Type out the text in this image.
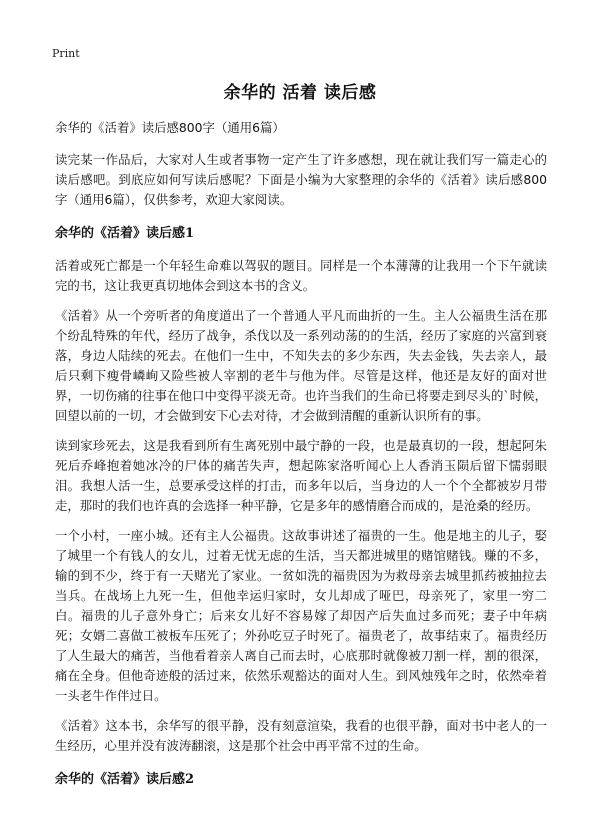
Print
余华的 活着 读后感

余华的《活着》读后感800字（通用6篇）

读完某一作品后，大家对人生或者事物一定产生了许多感想，现在就让我们写一篇走心的读后感吧。到底应如何写读后感呢？下面是小编为大家整理的余华的《活着》读后感800字（通用6篇），仅供参考，欢迎大家阅读。

余华的《活着》读后感1

活着或死亡都是一个年轻生命难以驾驭的题目。同样是一个本薄薄的让我用一个下午就读完的书，这让我更真切地体会到这本书的含义。

《活着》从一个旁听者的角度道出了一个普通人平凡而曲折的一生。主人公福贵生活在那个纷乱特殊的年代，经历了战争，杀伐以及一系列动荡的的生活，经历了家庭的兴富到衰落，身边人陆续的死去。在他们一生中，不知失去的多少东西，失去金钱，失去亲人，最后只剩下瘦骨嶙峋又险些被人宰割的老牛与他为伴。尽管是这样，他还是友好的面对世界，一切伤痛的往事在他口中变得平淡无奇。也许当我们的生命已将要走到尽头的`时候，回望以前的一切，才会做到安下心去对待，才会做到清醒的重新认识所有的事。

读到家珍死去，这是我看到所有生离死别中最宁静的一段，也是最真切的一段，想起阿朱死后乔峰抱着她冰冷的尸体的痛苦失声，想起陈家洛听闻心上人香消玉陨后留下懦弱眼泪。我想人活一生，总要承受这样的打击，而多年以后，当身边的人一个个全都被岁月带走，那时的我们也许真的会选择一种平静，它是多年的感情磨合而成的，是沧桑的经历。

一个小村，一座小城。还有主人公福贵。这故事讲述了福贵的一生。他是地主的儿子，娶了城里一个有钱人的女儿，过着无忧无虑的生活，当天都进城里的赌馆赌钱。赚的不多，输的到不少，终于有一天赌光了家业。一贫如洗的福贵因为为救母亲去城里抓药被抽拉去当兵。在战场上九死一生，但他幸运归家时，女儿却成了哑巴，母亲死了，家里一穷二白。福贵的儿子意外身亡；后来女儿好不容易嫁了却因产后失血过多而死；妻子中年病死；女婿二喜做工被板车压死了；外孙吃豆子时死了。福贵老了，故事结束了。福贵经历了人生最大的痛苦，当他看着亲人离自己而去时，心底那时就像被刀割一样，割的很深，痛在全身。但他奇迹般的活过来，依然乐观豁达的面对人生。到风烛残年之时，依然牵着一头老牛作伴过日。

《活着》这本书，余华写的很平静，没有刻意渲染，我看的也很平静，面对书中老人的一生经历，心里并没有波涛翻滚，这是那个社会中再平常不过的生命。

余华的《活着》读后感2
